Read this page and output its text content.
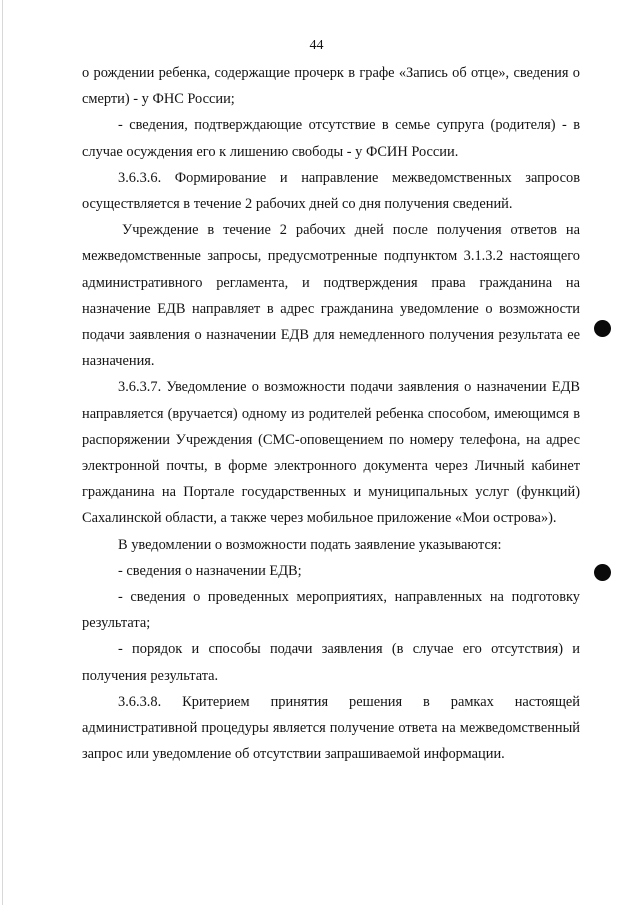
44

о рождении ребенка, содержащие прочерк в графе «Запись об отце», сведения о смерти) - у ФНС России;

- сведения, подтверждающие отсутствие в семье супруга (родителя) - в случае осуждения его к лишению свободы - у ФСИН России.

3.6.3.6. Формирование и направление межведомственных запросов осуществляется в течение 2 рабочих дней со дня получения сведений.

Учреждение в течение 2 рабочих дней после получения ответов на межведомственные запросы, предусмотренные подпунктом 3.1.3.2 настоящего административного регламента, и подтверждения права гражданина на назначение ЕДВ направляет в адрес гражданина уведомление о возможности подачи заявления о назначении ЕДВ для немедленного получения результата ее назначения.

3.6.3.7. Уведомление о возможности подачи заявления о назначении ЕДВ направляется (вручается) одному из родителей ребенка способом, имеющимся в распоряжении Учреждения (СМС-оповещением по номеру телефона, на адрес электронной почты, в форме электронного документа через Личный кабинет гражданина на Портале государственных и муниципальных услуг (функций) Сахалинской области, а также через мобильное приложение «Мои острова»).

В уведомлении о возможности подать заявление указываются:

- сведения о назначении ЕДВ;

- сведения о проведенных мероприятиях, направленных на подготовку результата;

- порядок и способы подачи заявления (в случае его отсутствия) и получения результата.

3.6.3.8. Критерием принятия решения в рамках настоящей административной процедуры является получение ответа на межведомственный запрос или уведомление об отсутствии запрашиваемой информации.
